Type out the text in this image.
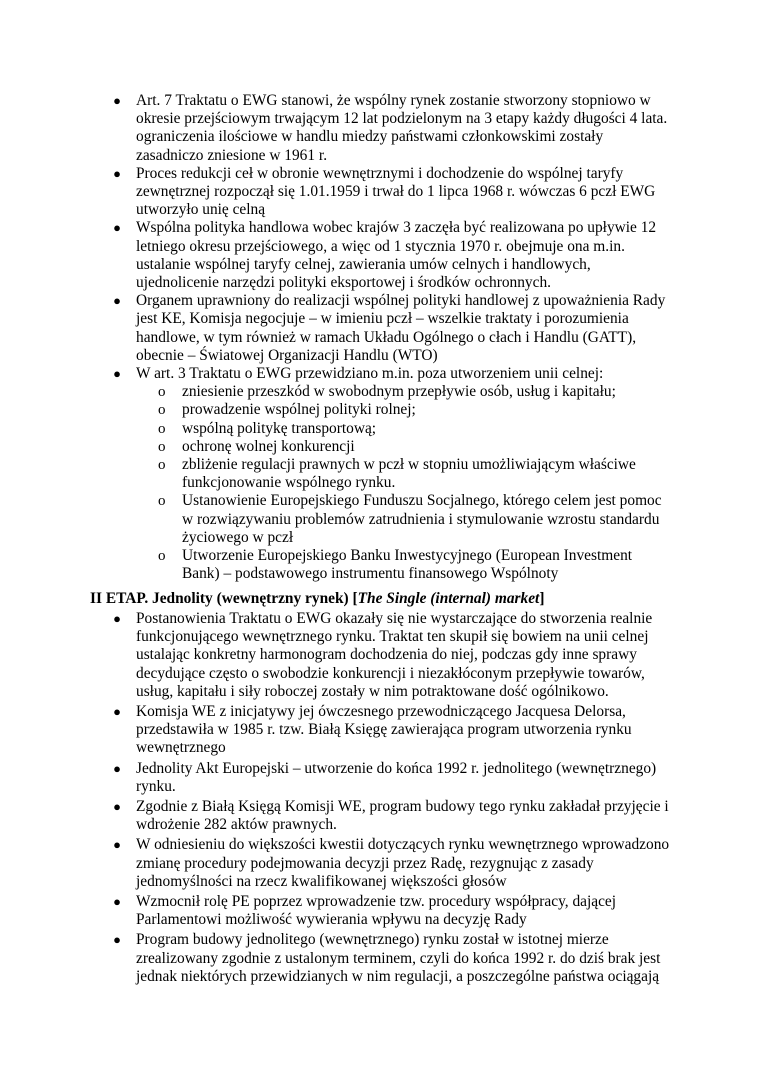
● Art. 7 Traktatu o EWG stanowi, że wspólny rynek zostanie stworzony stopniowo w okresie przejściowym trwającym 12 lat podzielonym na 3 etapy każdy długości 4 lata. ograniczenia ilościowe w handlu miedzy państwami członkowskimi zostały zasadniczo zniesione w 1961 r.
● Proces redukcji ceł w obronie wewnętrznymi i dochodzenie do wspólnej taryfy zewnętrznej rozpoczął się 1.01.1959 i trwał do 1 lipca 1968 r. wówczas 6 pczł EWG utworzyło unię celną
● Wspólna polityka handlowa wobec krajów 3 zaczęła być realizowana po upływie 12 letniego okresu przejściowego, a więc od 1 stycznia 1970 r. obejmuje ona m.in. ustalanie wspólnej taryfy celnej, zawierania umów celnych i handlowych, ujednolicenie narzędzi polityki eksportowej i środków ochronnych.
● Organem uprawniony do realizacji wspólnej polityki handlowej z upoważnienia Rady jest KE, Komisja negocjuje – w imieniu pczł – wszelkie traktaty i porozumienia handlowe, w tym również w ramach Układu Ogólnego o cłach i Handlu (GATT), obecnie – Światowej Organizacji Handlu (WTO)
● W art. 3 Traktatu o EWG przewidziano m.in. poza utworzeniem unii celnej:
o zniesienie przeszkód w swobodnym przepływie osób, usług i kapitału;
o prowadzenie wspólnej polityki rolnej;
o wspólną politykę transportową;
o ochronę wolnej konkurencji
o zbliżenie regulacji prawnych w pczł w stopniu umożliwiającym właściwe funkcjonowanie wspólnego rynku.
o Ustanowienie Europejskiego Funduszu Socjalnego, którego celem jest pomoc w rozwiązywaniu problemów zatrudnienia i stymulowanie wzrostu standardu życiowego w pczł
o Utworzenie Europejskiego Banku Inwestycyjnego (European Investment Bank) – podstawowego instrumentu finansowego Wspólnoty
II ETAP. Jednolity (wewnętrzny rynek) [The Single (internal) market]
● Postanowienia Traktatu o EWG okazały się nie wystarczające do stworzenia realnie funkcjonującego wewnętrznego rynku. Traktat ten skupił się bowiem na unii celnej ustalając konkretny harmonogram dochodzenia do niej, podczas gdy inne sprawy decydujące często o swobodzie konkurencji i niezakłóconym przepływie towarów, usług, kapitału i siły roboczej zostały w nim potraktowane dość ogólnikowo.
● Komisja WE z inicjatywy jej ówczesnego przewodniczącego Jacquesa Delorsa, przedstawiła w 1985 r. tzw. Białą Księgę zawierająca program utworzenia rynku wewnętrznego
● Jednolity Akt Europejski – utworzenie do końca 1992 r. jednolitego (wewnętrznego) rynku.
● Zgodnie z Białą Księgą Komisji WE, program budowy tego rynku zakładał przyjęcie i wdrożenie 282 aktów prawnych.
● W odniesieniu do większości kwestii dotyczących rynku wewnętrznego wprowadzono zmianę procedury podejmowania decyzji przez Radę, rezygnując z zasady jednomyślności na rzecz kwalifikowanej większości głosów
● Wzmocnił rolę PE poprzez wprowadzenie tzw. procedury współpracy, dającej Parlamentowi możliwość wywierania wpływu na decyzję Rady
● Program budowy jednolitego (wewnętrznego) rynku został w istotnej mierze zrealizowany zgodnie z ustalonym terminem, czyli do końca 1992 r. do dziś brak jest jednak niektórych przewidzianych w nim regulacji, a poszczególne państwa ociągają
